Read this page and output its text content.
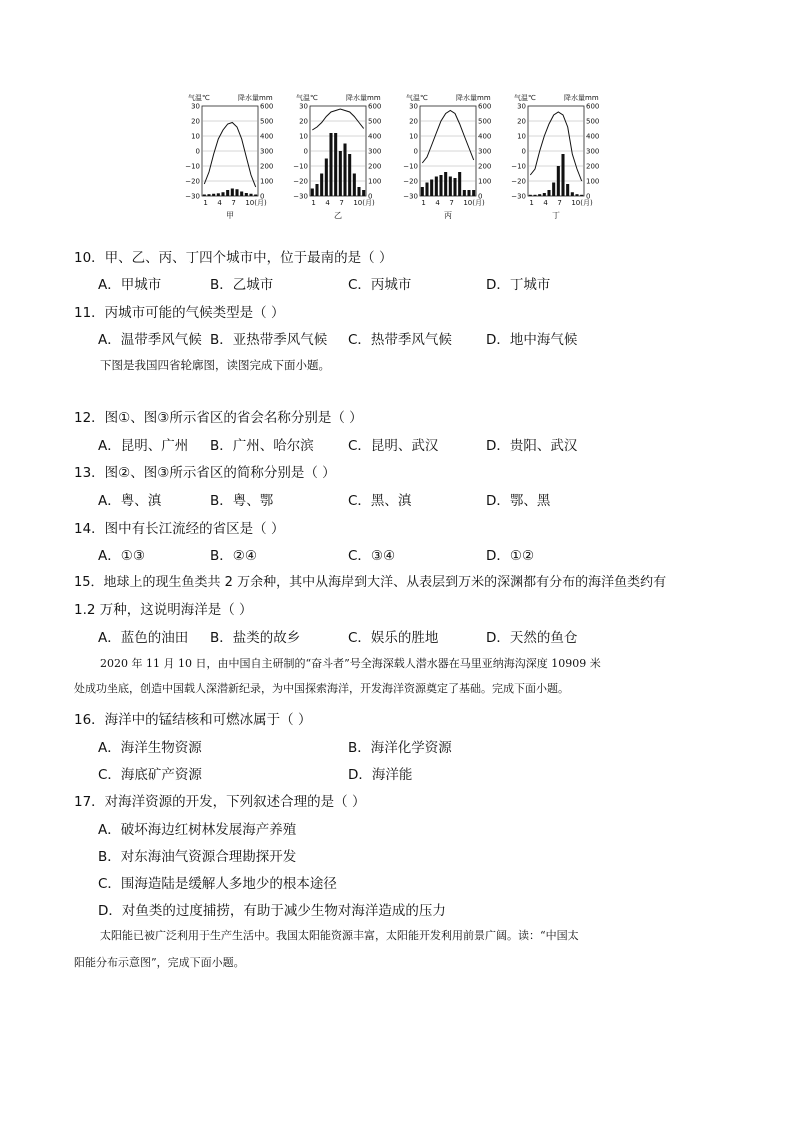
气温℃	降水量mm
30
20
10
0
−10
−20
−30
600
500
400
300
200
100
0
1 4 7 10(月)
甲
气温℃	降水量mm
30
20
10
0
−10
−20
−30
600
500
400
300
200
100
0
1 4 7 10(月)
乙
气温℃	降水量mm
30
20
10
0
−10
−20
−30
600
500
400
300
200
100
0
1 4 7 10(月)
丙
气温℃	降水量mm
30
20
10
0
−10
−20
−30
600
500
400
300
200
100
0
1 4 7 10(月)
丁
10．甲、乙、丙、丁四个城市中，位于最南的是（ ）
A．甲城市	B．乙城市	C．丙城市	D．丁城市
11．丙城市可能的气候类型是（ ）
A．温带季风气候 B．亚热带季风气候 C．热带季风气候	D．地中海气候
下图是我国四省轮廓图，读图完成下面小题。
12．图①、图③所示省区的省会名称分别是（ ）
A．昆明、广州 B．广州、哈尔滨	C．昆明、武汉	D．贵阳、武汉
13．图②、图③所示省区的简称分别是（ ）
A．粤、滇	B．粤、鄂	C．黑、滇	D．鄂、黑
14．图中有长江流经的省区是（ ）
A．①③	B．②④	C．③④	D．①②
15．地球上的现生鱼类共 2 万余种，其中从海岸到大洋、从表层到万米的深渊都有分布的海洋鱼类约有
1.2 万种，这说明海洋是（ ）
A．蓝色的油田 B．盐类的故乡	C．娱乐的胜地	D．天然的鱼仓
2020 年 11 月 10 日，由中国自主研制的“奋斗者”号全海深载人潜水器在马里亚纳海沟深度 10909 米
处成功坐底，创造中国载人深潜新纪录，为中国探索海洋，开发海洋资源奠定了基础。完成下面小题。
16．海洋中的锰结核和可燃冰属于（ ）
A．海洋生物资源	B．海洋化学资源
C．海底矿产资源	D．海洋能
17．对海洋资源的开发，下列叙述合理的是（ ）
A．破坏海边红树林发展海产养殖
B．对东海油气资源合理勘探开发
C．围海造陆是缓解人多地少的根本途径
D．对鱼类的过度捕捞，有助于减少生物对海洋造成的压力
太阳能已被广泛利用于生产生活中。我国太阳能资源丰富，太阳能开发利用前景广阔。读：“中国太
阳能分布示意图”，完成下面小题。
